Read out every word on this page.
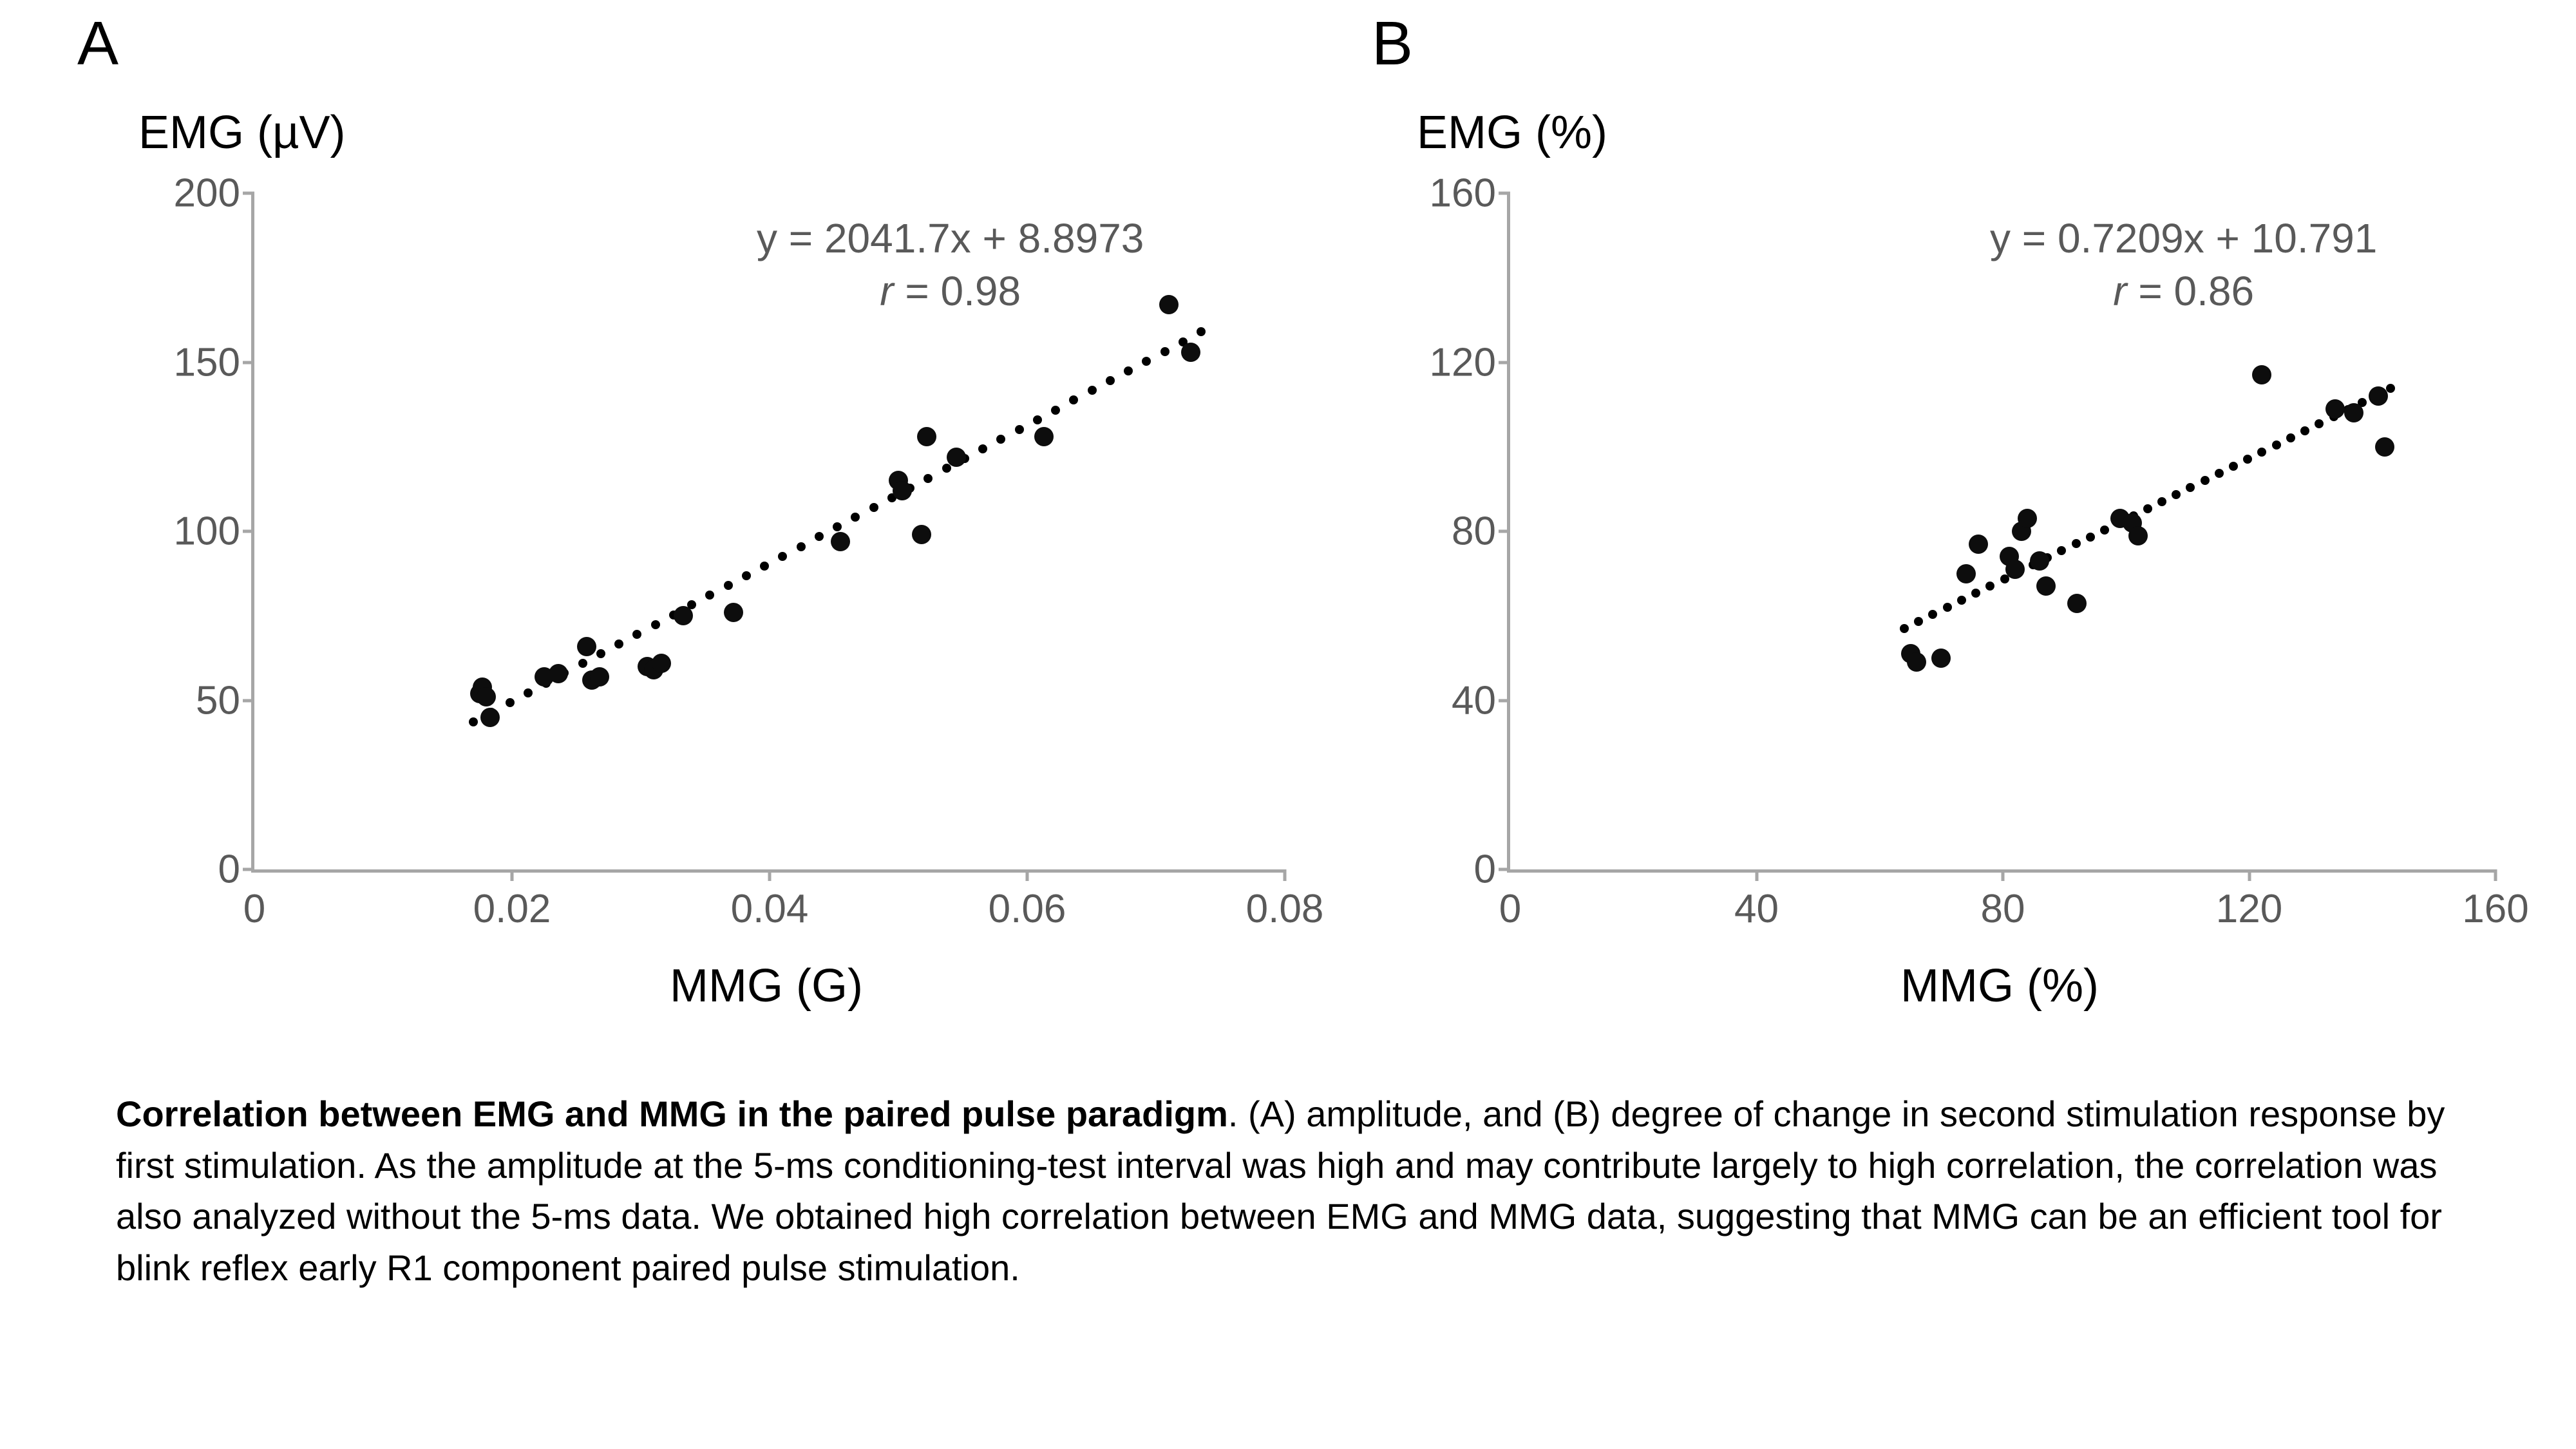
A
EMG (µV)
y = 2041.7x + 8.8973
r = 0.98
0
50
100
150
200
0	0.02	0.04	0.06	0.08
MMG (G)
B
EMG (%)
y = 0.7209x + 10.791
r = 0.86
0
40
80
120
160
0	40	80	120	160
MMG (%)
Correlation between EMG and MMG in the paired pulse paradigm. (A) amplitude, and (B) degree of change in second stimulation response by first stimulation. As the amplitude at the 5-ms conditioning-test interval was high and may contribute largely to high correlation, the correlation was also analyzed without the 5-ms data. We obtained high correlation between EMG and MMG data, suggesting that MMG can be an efficient tool for blink reflex early R1 component paired pulse stimulation.
